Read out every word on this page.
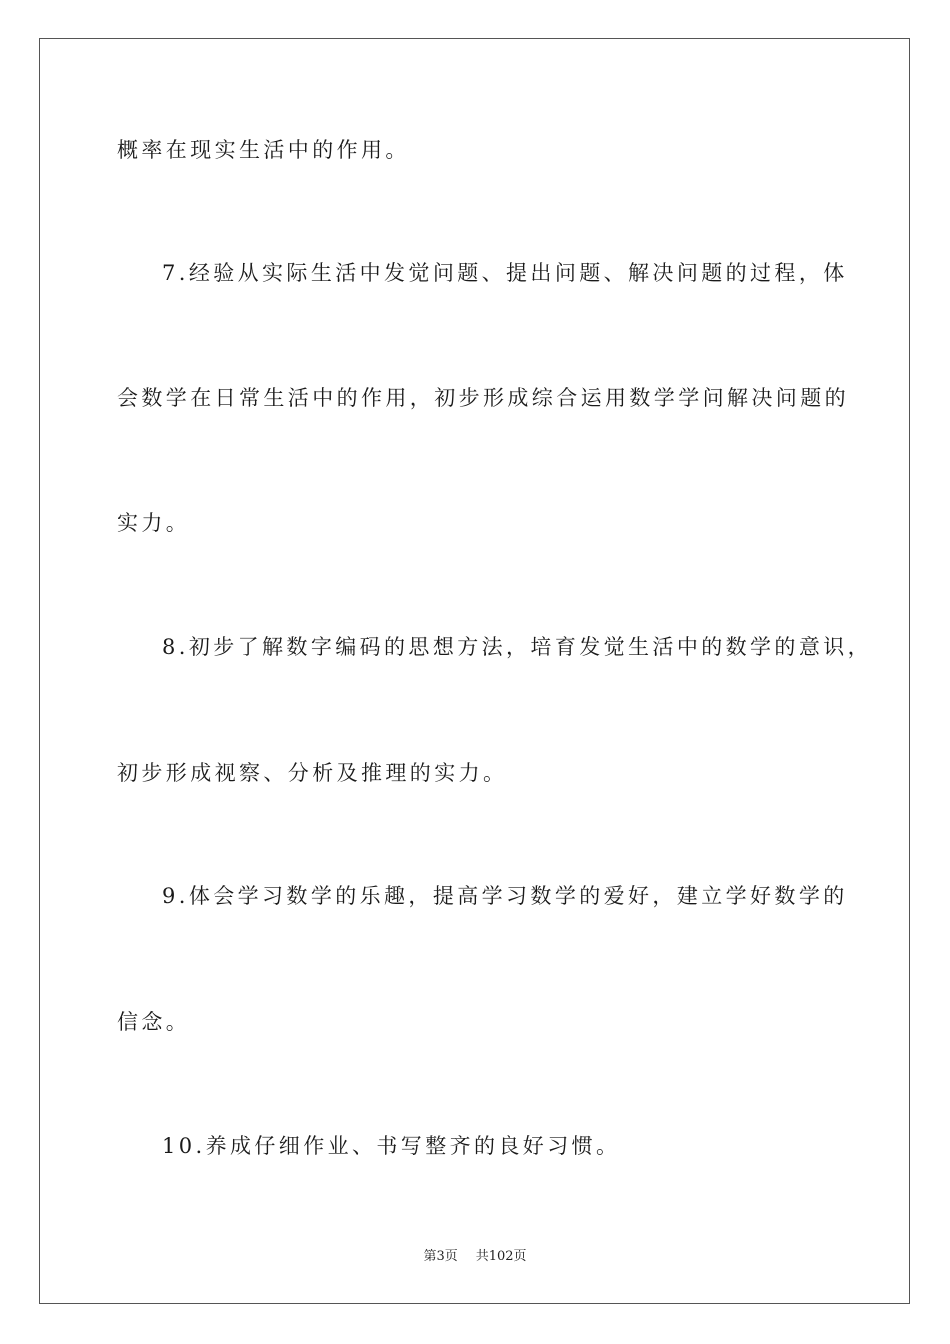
概率在现实生活中的作用。
7.经验从实际生活中发觉问题、提出问题、解决问题的过程，体
会数学在日常生活中的作用，初步形成综合运用数学学问解决问题的
实力。
8.初步了解数字编码的思想方法，培育发觉生活中的数学的意识，
初步形成视察、分析及推理的实力。
9.体会学习数学的乐趣，提高学习数学的爱好，建立学好数学的
信念。
10.养成仔细作业、书写整齐的良好习惯。
第3页 共102页
